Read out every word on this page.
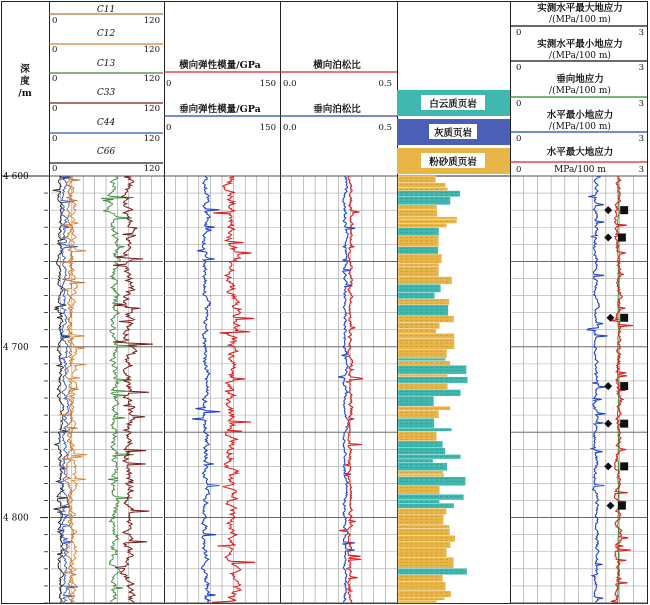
深
度
/m
C11
0	120
C12
0	120
C13
0	120
C33
0	120
C44
0	120
C66
0	120
横向弹性模量/GPa
0	150
垂向弹性模量/GPa
0	150
横向泊松比
0.0	0.5
垂向泊松比
0.0	0.5
白云质页岩
灰质页岩
粉砂质页岩
实测水平最大地应力
/(MPa/100 m)
0	3
实测水平最小地应力
/(MPa/100 m)
0	3
垂向地应力
/(MPa/100 m)
0	3
水平最小地应力
/(MPa/100 m)
0	3
水平最大地应力
0	MPa/100 m	3
4 600
4 700
4 800
